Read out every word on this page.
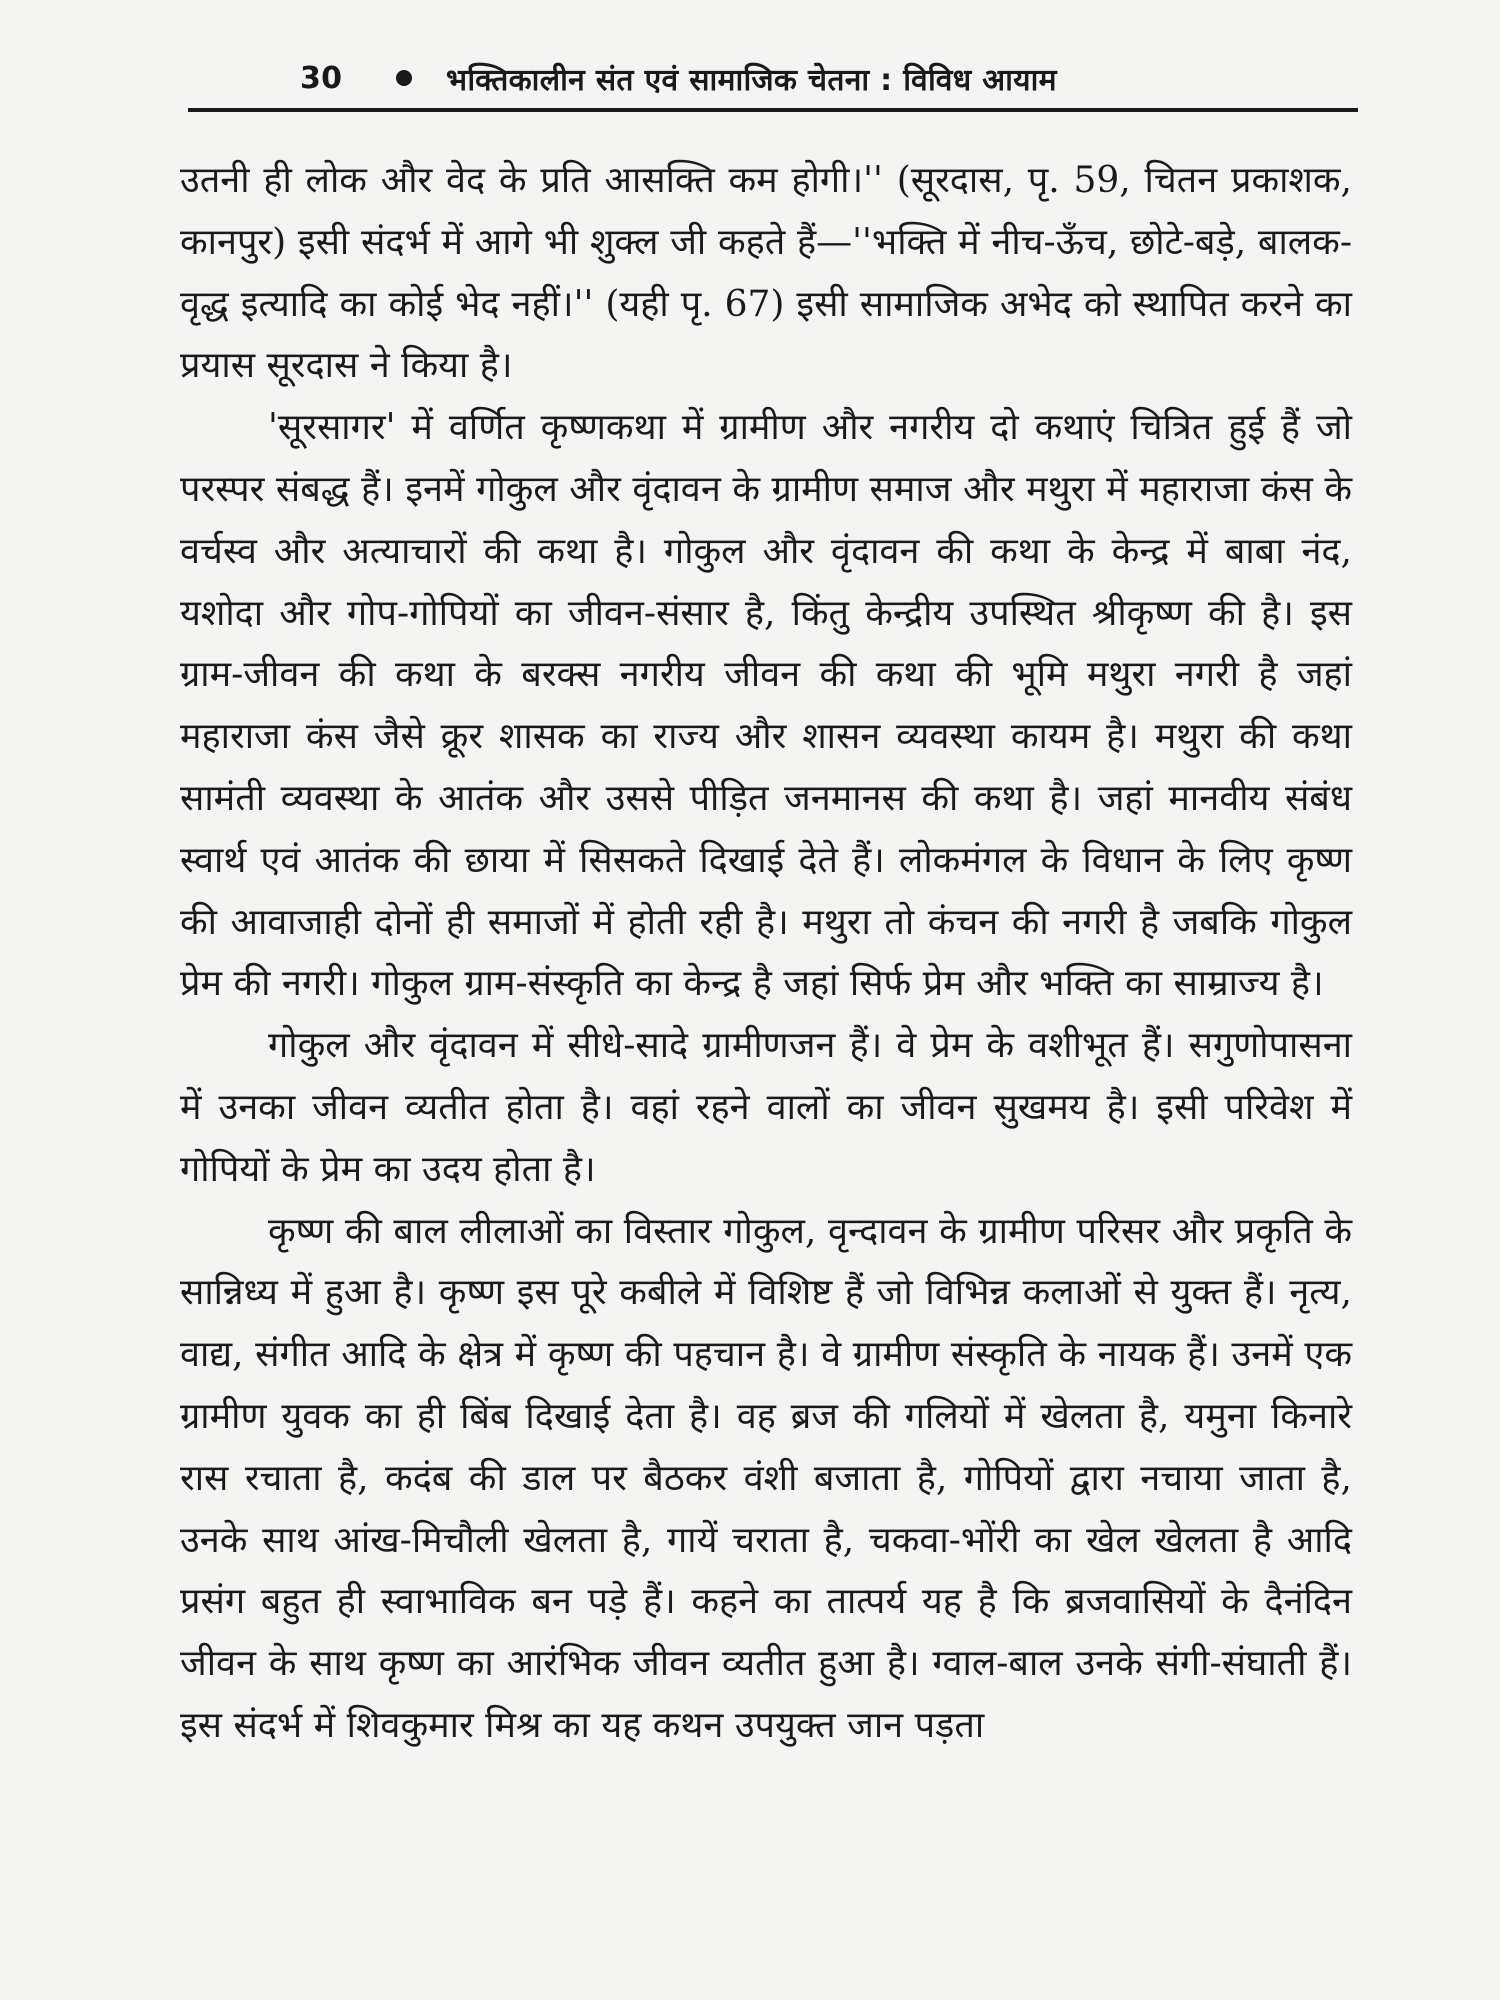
30	भक्तिकालीन संत एवं सामाजिक चेतना : विविध आयाम

उतनी ही लोक और वेद के प्रति आसक्ति कम होगी।'' (सूरदास, पृ. 59, चितन प्रकाशक, कानपुर) इसी संदर्भ में आगे भी शुक्ल जी कहते हैं—''भक्ति में नीच-ऊँच, छोटे-बड़े, बालक-वृद्ध इत्यादि का कोई भेद नहीं।'' (यही पृ. 67) इसी सामाजिक अभेद को स्थापित करने का प्रयास सूरदास ने किया है।

'सूरसागर' में वर्णित कृष्णकथा में ग्रामीण और नगरीय दो कथाएं चित्रित हुई हैं जो परस्पर संबद्ध हैं। इनमें गोकुल और वृंदावन के ग्रामीण समाज और मथुरा में महाराजा कंस के वर्चस्व और अत्याचारों की कथा है। गोकुल और वृंदावन की कथा के केन्द्र में बाबा नंद, यशोदा और गोप-गोपियों का जीवन-संसार है, किंतु केन्द्रीय उपस्थित श्रीकृष्ण की है। इस ग्राम-जीवन की कथा के बरक्स नगरीय जीवन की कथा की भूमि मथुरा नगरी है जहां महाराजा कंस जैसे क्रूर शासक का राज्य और शासन व्यवस्था कायम है। मथुरा की कथा सामंती व्यवस्था के आतंक और उससे पीड़ित जनमानस की कथा है। जहां मानवीय संबंध स्वार्थ एवं आतंक की छाया में सिसकते दिखाई देते हैं। लोकमंगल के विधान के लिए कृष्ण की आवाजाही दोनों ही समाजों में होती रही है। मथुरा तो कंचन की नगरी है जबकि गोकुल प्रेम की नगरी। गोकुल ग्राम-संस्कृति का केन्द्र है जहां सिर्फ प्रेम और भक्ति का साम्राज्य है।

गोकुल और वृंदावन में सीधे-सादे ग्रामीणजन हैं। वे प्रेम के वशीभूत हैं। सगुणोपासना में उनका जीवन व्यतीत होता है। वहां रहने वालों का जीवन सुखमय है। इसी परिवेश में गोपियों के प्रेम का उदय होता है।

कृष्ण की बाल लीलाओं का विस्तार गोकुल, वृन्दावन के ग्रामीण परिसर और प्रकृति के सान्निध्य में हुआ है। कृष्ण इस पूरे कबीले में विशिष्ट हैं जो विभिन्न कलाओं से युक्त हैं। नृत्य, वाद्य, संगीत आदि के क्षेत्र में कृष्ण की पहचान है। वे ग्रामीण संस्कृति के नायक हैं। उनमें एक ग्रामीण युवक का ही बिंब दिखाई देता है। वह ब्रज की गलियों में खेलता है, यमुना किनारे रास रचाता है, कदंब की डाल पर बैठकर वंशी बजाता है, गोपियों द्वारा नचाया जाता है, उनके साथ आंख-मिचौली खेलता है, गायें चराता है, चकवा-भोंरी का खेल खेलता है आदि प्रसंग बहुत ही स्वाभाविक बन पड़े हैं। कहने का तात्पर्य यह है कि ब्रजवासियों के दैनंदिन जीवन के साथ कृष्ण का आरंभिक जीवन व्यतीत हुआ है। ग्वाल-बाल उनके संगी-संघाती हैं। इस संदर्भ में शिवकुमार मिश्र का यह कथन उपयुक्त जान पड़ता
